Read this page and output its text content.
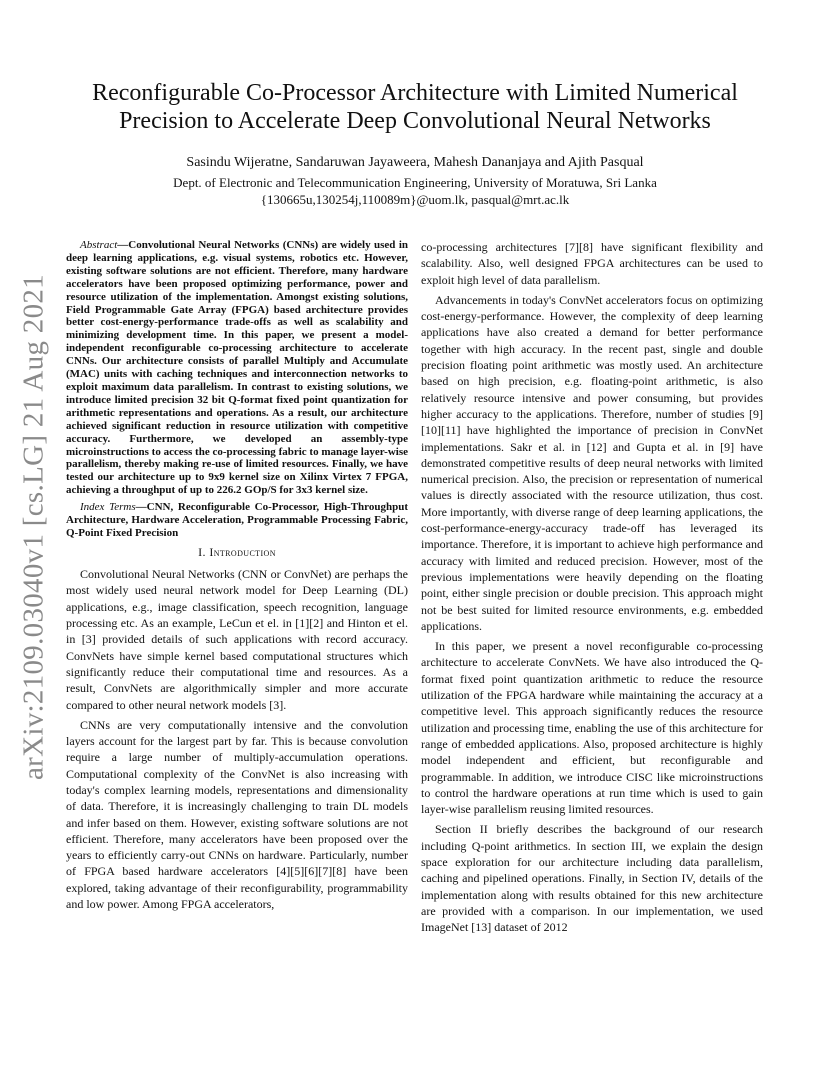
arXiv:2109.03040v1 [cs.LG] 21 Aug 2021
Reconfigurable Co-Processor Architecture with Limited Numerical Precision to Accelerate Deep Convolutional Neural Networks
Sasindu Wijeratne, Sandaruwan Jayaweera, Mahesh Dananjaya and Ajith Pasqual
Dept. of Electronic and Telecommunication Engineering, University of Moratuwa, Sri Lanka
{130665u,130254j,110089m}@uom.lk, pasqual@mrt.ac.lk

Abstract—Convolutional Neural Networks (CNNs) are widely used in deep learning applications, e.g. visual systems, robotics etc. However, existing software solutions are not efficient. Therefore, many hardware accelerators have been proposed optimizing performance, power and resource utilization of the implementation. Amongst existing solutions, Field Programmable Gate Array (FPGA) based architecture provides better cost-energy-performance trade-offs as well as scalability and minimizing development time. In this paper, we present a model-independent reconfigurable co-processing architecture to accelerate CNNs. Our architecture consists of parallel Multiply and Accumulate (MAC) units with caching techniques and interconnection networks to exploit maximum data parallelism. In contrast to existing solutions, we introduce limited precision 32 bit Q-format fixed point quantization for arithmetic representations and operations. As a result, our architecture achieved significant reduction in resource utilization with competitive accuracy. Furthermore, we developed an assembly-type microinstructions to access the co-processing fabric to manage layer-wise parallelism, thereby making re-use of limited resources. Finally, we have tested our architecture up to 9x9 kernel size on Xilinx Virtex 7 FPGA, achieving a throughput of up to 226.2 GOp/S for 3x3 kernel size.

Index Terms—CNN, Reconfigurable Co-Processor, High-Throughput Architecture, Hardware Acceleration, Programmable Processing Fabric, Q-Point Fixed Precision

I. Introduction

Convolutional Neural Networks (CNN or ConvNet) are perhaps the most widely used neural network model for Deep Learning (DL) applications, e.g., image classification, speech recognition, language processing etc. As an example, LeCun et el. in [1][2] and Hinton et el. in [3] provided details of such applications with record accuracy. ConvNets have simple kernel based computational structures which significantly reduce their computational time and resources. As a result, ConvNets are algorithmically simpler and more accurate compared to other neural network models [3].

CNNs are very computationally intensive and the convolution layers account for the largest part by far. This is because convolution require a large number of multiply-accumulation operations. Computational complexity of the ConvNet is also increasing with today's complex learning models, representations and dimensionality of data. Therefore, it is increasingly challenging to train DL models and infer based on them. However, existing software solutions are not efficient. Therefore, many accelerators have been proposed over the years to efficiently carry-out CNNs on hardware. Particularly, number of FPGA based hardware accelerators [4][5][6][7][8] have been explored, taking advantage of their reconfigurability, programmability and low power. Among FPGA accelerators,

co-processing architectures [7][8] have significant flexibility and scalability. Also, well designed FPGA architectures can be used to exploit high level of data parallelism.

Advancements in today's ConvNet accelerators focus on optimizing cost-energy-performance. However, the complexity of deep learning applications have also created a demand for better performance together with high accuracy. In the recent past, single and double precision floating point arithmetic was mostly used. An architecture based on high precision, e.g. floating-point arithmetic, is also relatively resource intensive and power consuming, but provides higher accuracy to the applications. Therefore, number of studies [9][10][11] have highlighted the importance of precision in ConvNet implementations. Sakr et al. in [12] and Gupta et al. in [9] have demonstrated competitive results of deep neural networks with limited numerical precision. Also, the precision or representation of numerical values is directly associated with the resource utilization, thus cost. More importantly, with diverse range of deep learning applications, the cost-performance-energy-accuracy trade-off has leveraged its importance. Therefore, it is important to achieve high performance and accuracy with limited and reduced precision. However, most of the previous implementations were heavily depending on the floating point, either single precision or double precision. This approach might not be best suited for limited resource environments, e.g. embedded applications.

In this paper, we present a novel reconfigurable co-processing architecture to accelerate ConvNets. We have also introduced the Q-format fixed point quantization arithmetic to reduce the resource utilization of the FPGA hardware while maintaining the accuracy at a competitive level. This approach significantly reduces the resource utilization and processing time, enabling the use of this architecture for range of embedded applications. Also, proposed architecture is highly model independent and efficient, but reconfigurable and programmable. In addition, we introduce CISC like microinstructions to control the hardware operations at run time which is used to gain layer-wise parallelism reusing limited resources.

Section II briefly describes the background of our research including Q-point arithmetics. In section III, we explain the design space exploration for our architecture including data parallelism, caching and pipelined operations. Finally, in Section IV, details of the implementation along with results obtained for this new architecture are provided with a comparison. In our implementation, we used ImageNet [13] dataset of 2012
